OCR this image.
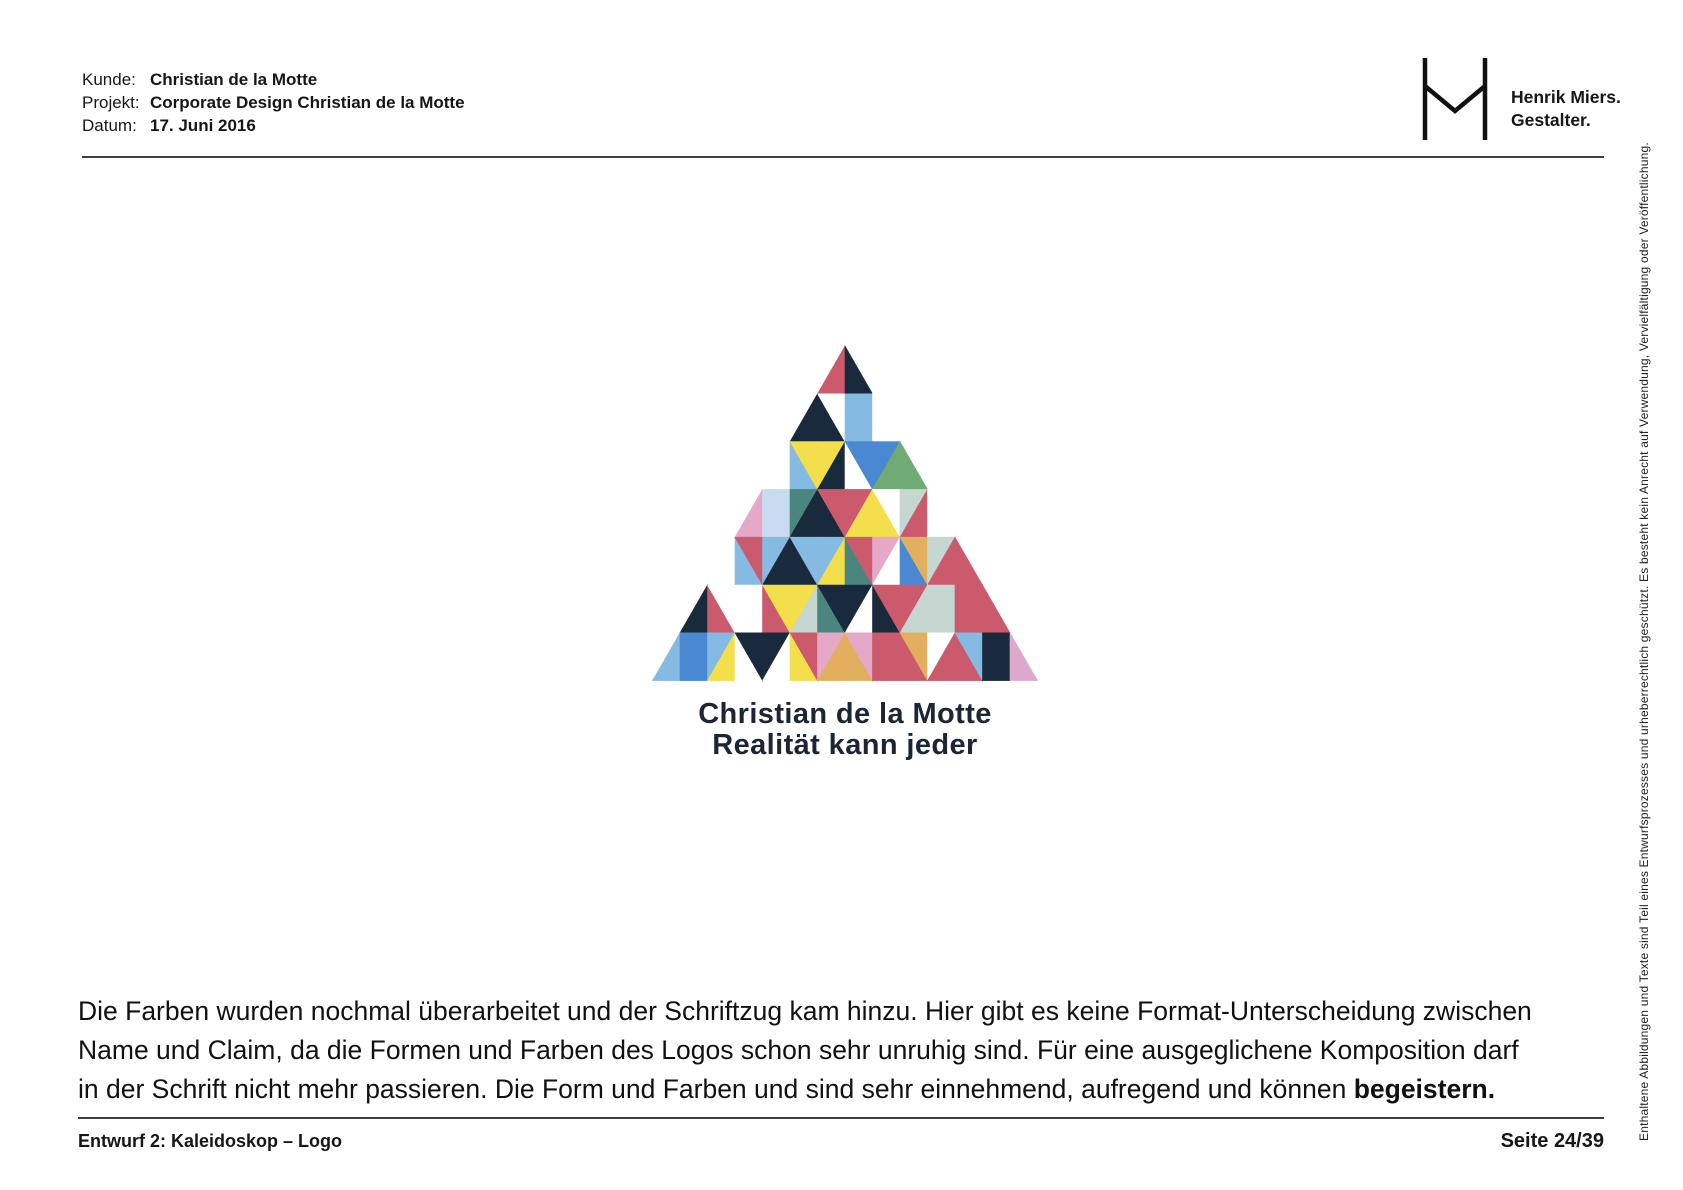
Kunde: Christian de la Motte
Projekt: Corporate Design Christian de la Motte
Datum: 17. Juni 2016
Henrik Miers.
Gestalter.
Christian de la Motte
Realität kann jeder

Die Farben wurden nochmal überarbeitet und der Schriftzug kam hinzu. Hier gibt es keine Format-Unterscheidung zwischen Name und Claim, da die Formen und Farben des Logos schon sehr unruhig sind. Für eine ausgeglichene Komposition darf in der Schrift nicht mehr passieren. Die Form und Farben und sind sehr einnehmend, aufregend und können begeistern.

Entwurf 2: Kaleidoskop – Logo	Seite 24/39	Enthaltene Abbildungen und Texte sind Teil eines Entwurfsprozesses und urheberrechtlich geschützt. Es besteht kein Anrecht auf Verwendung, Vervielfältigung oder Veröffentlichung.
